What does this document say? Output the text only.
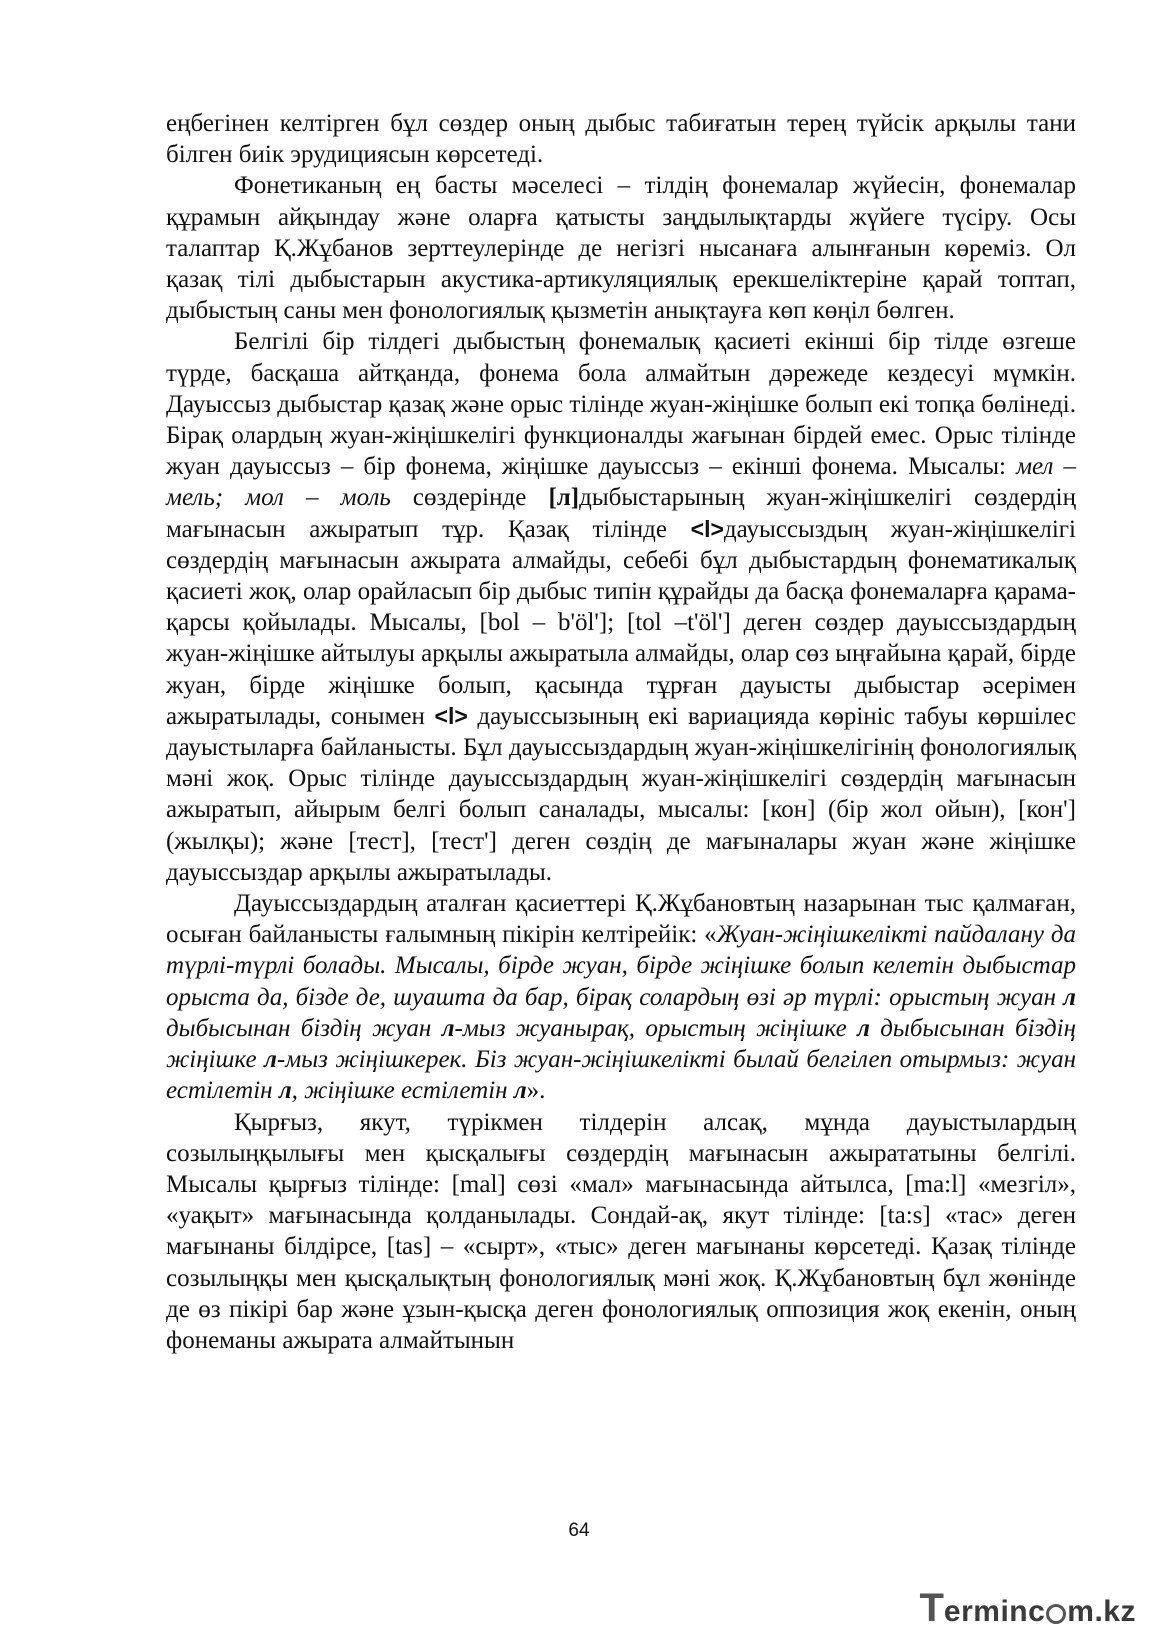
еңбегінен келтірген бұл сөздер оның дыбыс табиғатын терең түйсік арқылы тани білген биік эрудициясын көрсетеді.

Фонетиканың ең басты мәселесі – тілдің фонемалар жүйесін, фонемалар құрамын айқындау және оларға қатысты заңдылықтарды жүйеге түсіру. Осы талаптар Қ.Жұбанов зерттеулерінде де негізгі нысанаға алынғанын көреміз. Ол қазақ тілі дыбыстарын акустика-артикуляциялық ерекшеліктеріне қарай топтап, дыбыстың саны мен фонологиялық қызметін анықтауға көп көңіл бөлген.

Белгілі бір тілдегі дыбыстың фонемалық қасиеті екінші бір тілде өзгеше түрде, басқаша айтқанда, фонема бола алмайтын дәрежеде кездесуі мүмкін. Дауыссыз дыбыстар қазақ және орыс тілінде жуан-жіңішке болып екі топқа бөлінеді. Бірақ олардың жуан-жіңішкелігі функционалды жағынан бірдей емес. Орыс тілінде жуан дауыссыз – бір фонема, жіңішке дауыссыз – екінші фонема. Мысалы: мел – мель; мол – моль сөздерінде [л]дыбыстарының жуан-жіңішкелігі сөздердің мағынасын ажыратып тұр. Қазақ тілінде <l>дауыссыздың жуан-жіңішкелігі сөздердің мағынасын ажырата алмайды, себебі бұл дыбыстардың фонематикалық қасиеті жоқ, олар орайласып бір дыбыс типін құрайды да басқа фонемаларға қарама-қарсы қойылады. Мысалы, [bol – b'öl']; [tol –t'öl'] деген сөздер дауыссыздардың жуан-жіңішке айтылуы арқылы ажыратыла алмайды, олар сөз ыңғайына қарай, бірде жуан, бірде жіңішке болып, қасында тұрған дауысты дыбыстар әсерімен ажыратылады, сонымен <l> дауыссызының екі вариацияда көрініс табуы көршілес дауыстыларға байланысты. Бұл дауыссыздардың жуан-жіңішкелігінің фонологиялық мәні жоқ. Орыс тілінде дауыссыздардың жуан-жіңішкелігі сөздердің мағынасын ажыратып, айырым белгі болып саналады, мысалы: [кон] (бір жол ойын), [кон'] (жылқы); және [тест], [тест'] деген сөздің де мағыналары жуан және жіңішке дауыссыздар арқылы ажыратылады.

Дауыссыздардың аталған қасиеттері Қ.Жұбановтың назарынан тыс қалмаған, осыған байланысты ғалымның пікірін келтірейік: «Жуан-жіңішкелікті пайдалану да түрлі-түрлі болады. Мысалы, бірде жуан, бірде жіңішке болып келетін дыбыстар орыста да, бізде де, шуашта да бар, бірақ солардың өзі әр түрлі: орыстың жуан л дыбысынан біздің жуан л-мыз жуанырақ, орыстың жіңішке л дыбысынан біздің жіңішке л-мыз жіңішкерек. Біз жуан-жіңішкелікті былай белгілеп отырмыз: жуан естілетін л, жіңішке естілетін л».

Қырғыз, якут, түрікмен тілдерін алсақ, мұнда дауыстылардың созылыңқылығы мен қысқалығы сөздердің мағынасын ажырататыны белгілі. Мысалы қырғыз тілінде: [mal] сөзі «мал» мағынасында айтылса, [ma:l] «мезгіл», «уақыт» мағынасында қолданылады. Сондай-ақ, якут тілінде: [ta:s] «тас» деген мағынаны білдірсе, [tas] – «сырт», «тыс» деген мағынаны көрсетеді. Қазақ тілінде созылыңқы мен қысқалықтың фонологиялық мәні жоқ. Қ.Жұбановтың бұл жөнінде де өз пікірі бар және ұзын-қысқа деген фонологиялық оппозиция жоқ екенін, оның фонеманы ажырата алмайтынын

64
T erminc m.kz
